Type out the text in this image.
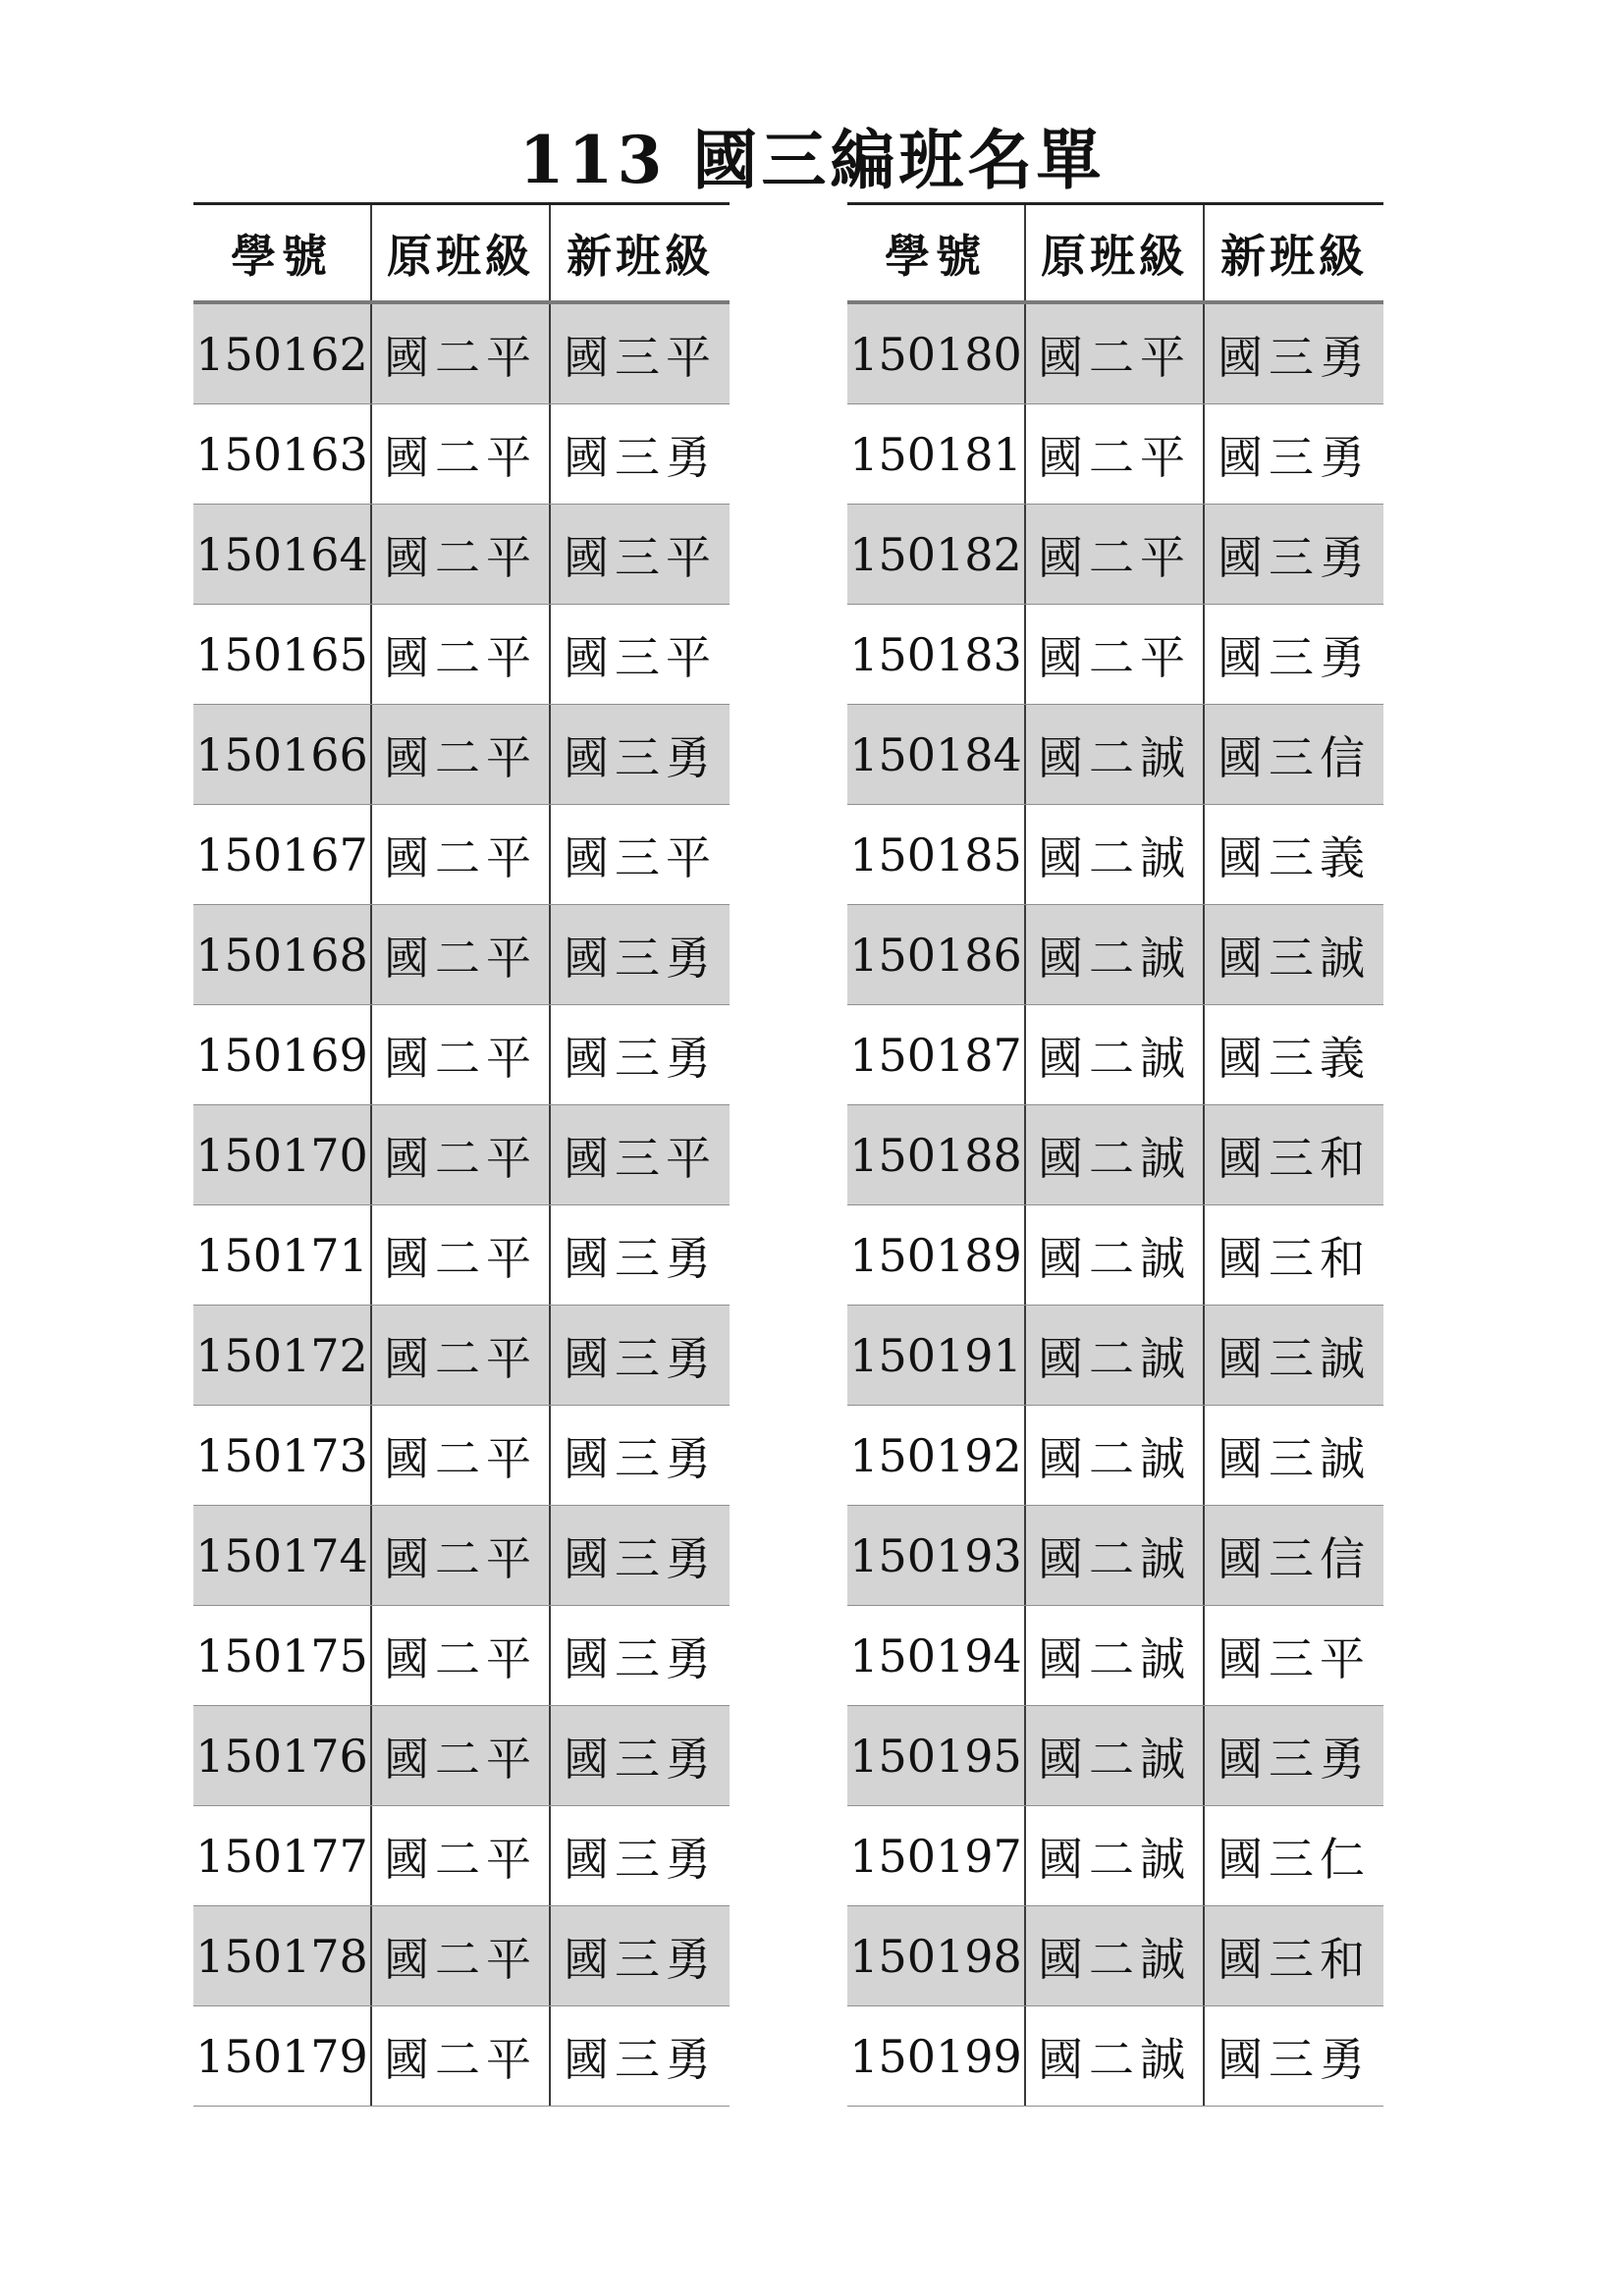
113 國三編班名單
學號	原班級 新班級
150162 國二平 國三平
150163 國二平 國三勇
150164 國二平 國三平
150165 國二平 國三平
150166 國二平 國三勇
150167 國二平 國三平
150168 國二平 國三勇
150169 國二平 國三勇
150170 國二平 國三平
150171 國二平 國三勇
150172 國二平 國三勇
150173 國二平 國三勇
150174 國二平 國三勇
150175 國二平 國三勇
150176 國二平 國三勇
150177 國二平 國三勇
150178 國二平 國三勇
150179 國二平 國三勇
學號	原班級 新班級
150180 國二平 國三勇
150181 國二平 國三勇
150182 國二平 國三勇
150183 國二平 國三勇
150184 國二誠 國三信
150185 國二誠 國三義
150186 國二誠 國三誠
150187 國二誠 國三義
150188 國二誠 國三和
150189 國二誠 國三和
150191 國二誠 國三誠
150192 國二誠 國三誠
150193 國二誠 國三信
150194 國二誠 國三平
150195 國二誠 國三勇
150197 國二誠 國三仁
150198 國二誠 國三和
150199 國二誠 國三勇
